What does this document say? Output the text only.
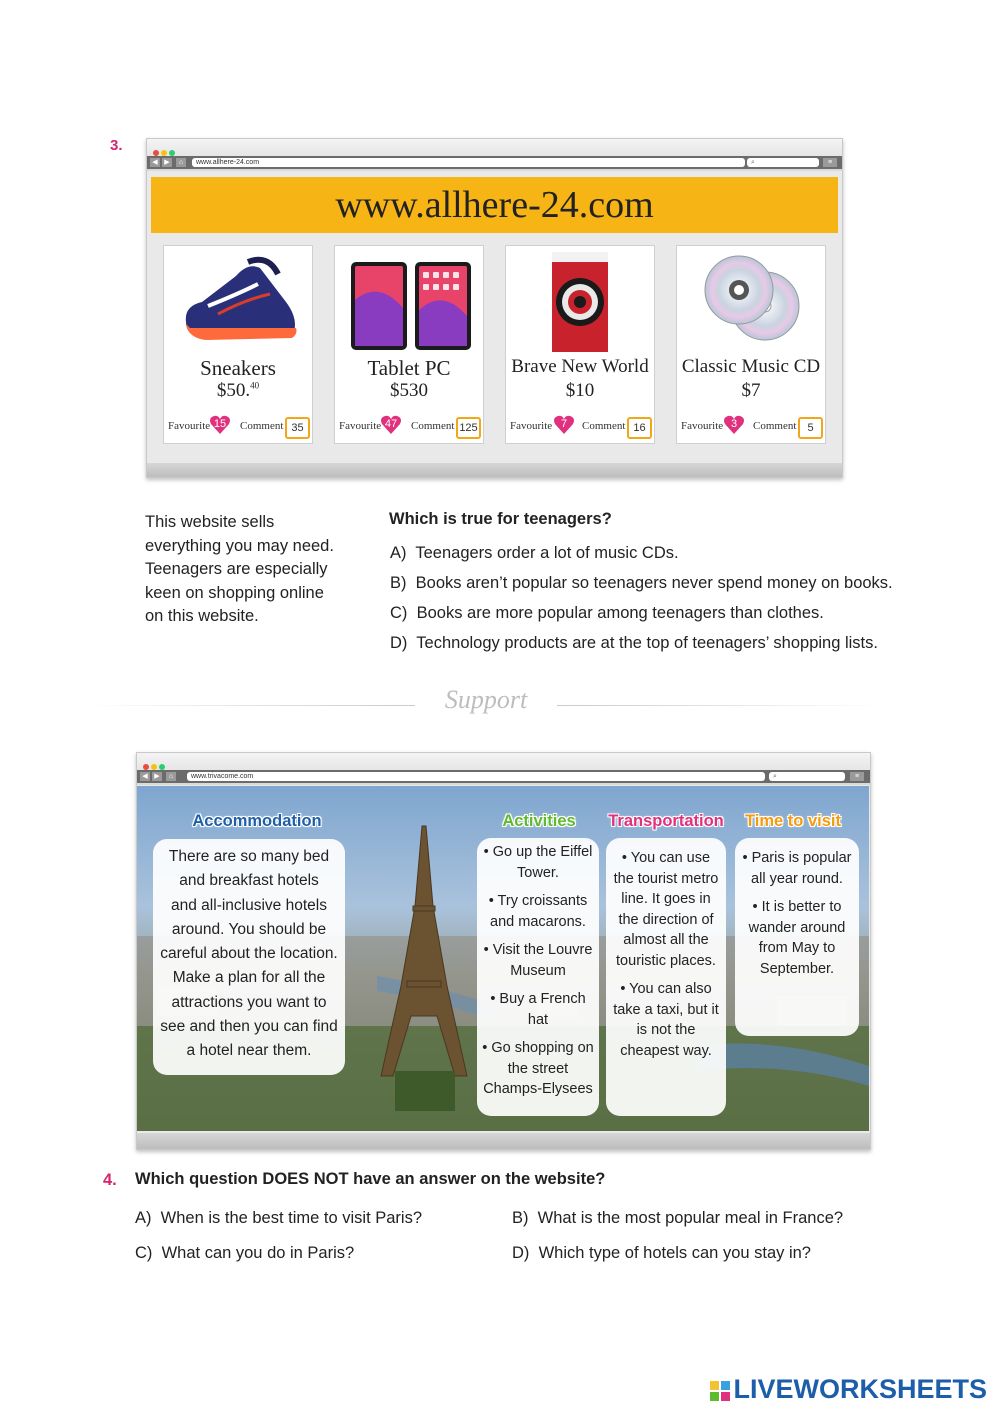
3.
◀ ▶	⌂	www.allhere-24.com	⌕	≡
www.allhere-24.com
Sneakers
$50.40
Favourite 15	Comment 35
Tablet PC
$530
Favourite 47	Comment 125
Brave New World
$10
Favourite 7	Comment 16
Classic Music CD
$7
Favourite 3	Comment	5
This website sells
everything you may need.
Teenagers are especially
keen on shopping online
on this website.
Which is true for teenagers?
A) Teenagers order a lot of music CDs.
B) Books aren’t popular so teenagers never spend money on books.
C) Books are more popular among teenagers than clothes.
D) Technology products are at the top of teenagers’ shopping lists.
Support
◀ ▶	⌂	www.trivacome.com	⌕	≡
Accommodation
There are so many bed
and breakfast hotels
and all-inclusive hotels
around. You should be
careful about the location.
Make a plan for all the
attractions you want to
see and then you can find
a hotel near them.
Activities
• Go up the Eiffel Tower.
• Try croissants and macarons.
• Visit the Louvre Museum
• Buy a French hat
• Go shopping on the street Champs-Elysees
Transportation
• You can use the tourist metro line. It goes in the direction of almost all the touristic places.
• You can also take a taxi, but it is not the cheapest way.
Time to visit
• Paris is popular all year round.
• It is better to wander around from May to September.
4. Which question DOES NOT have an answer on the website?
A) When is the best time to visit Paris?	B) What is the most popular meal in France?
C) What can you do in Paris?	D) Which type of hotels can you stay in?

LIVEWORKSHEETS
